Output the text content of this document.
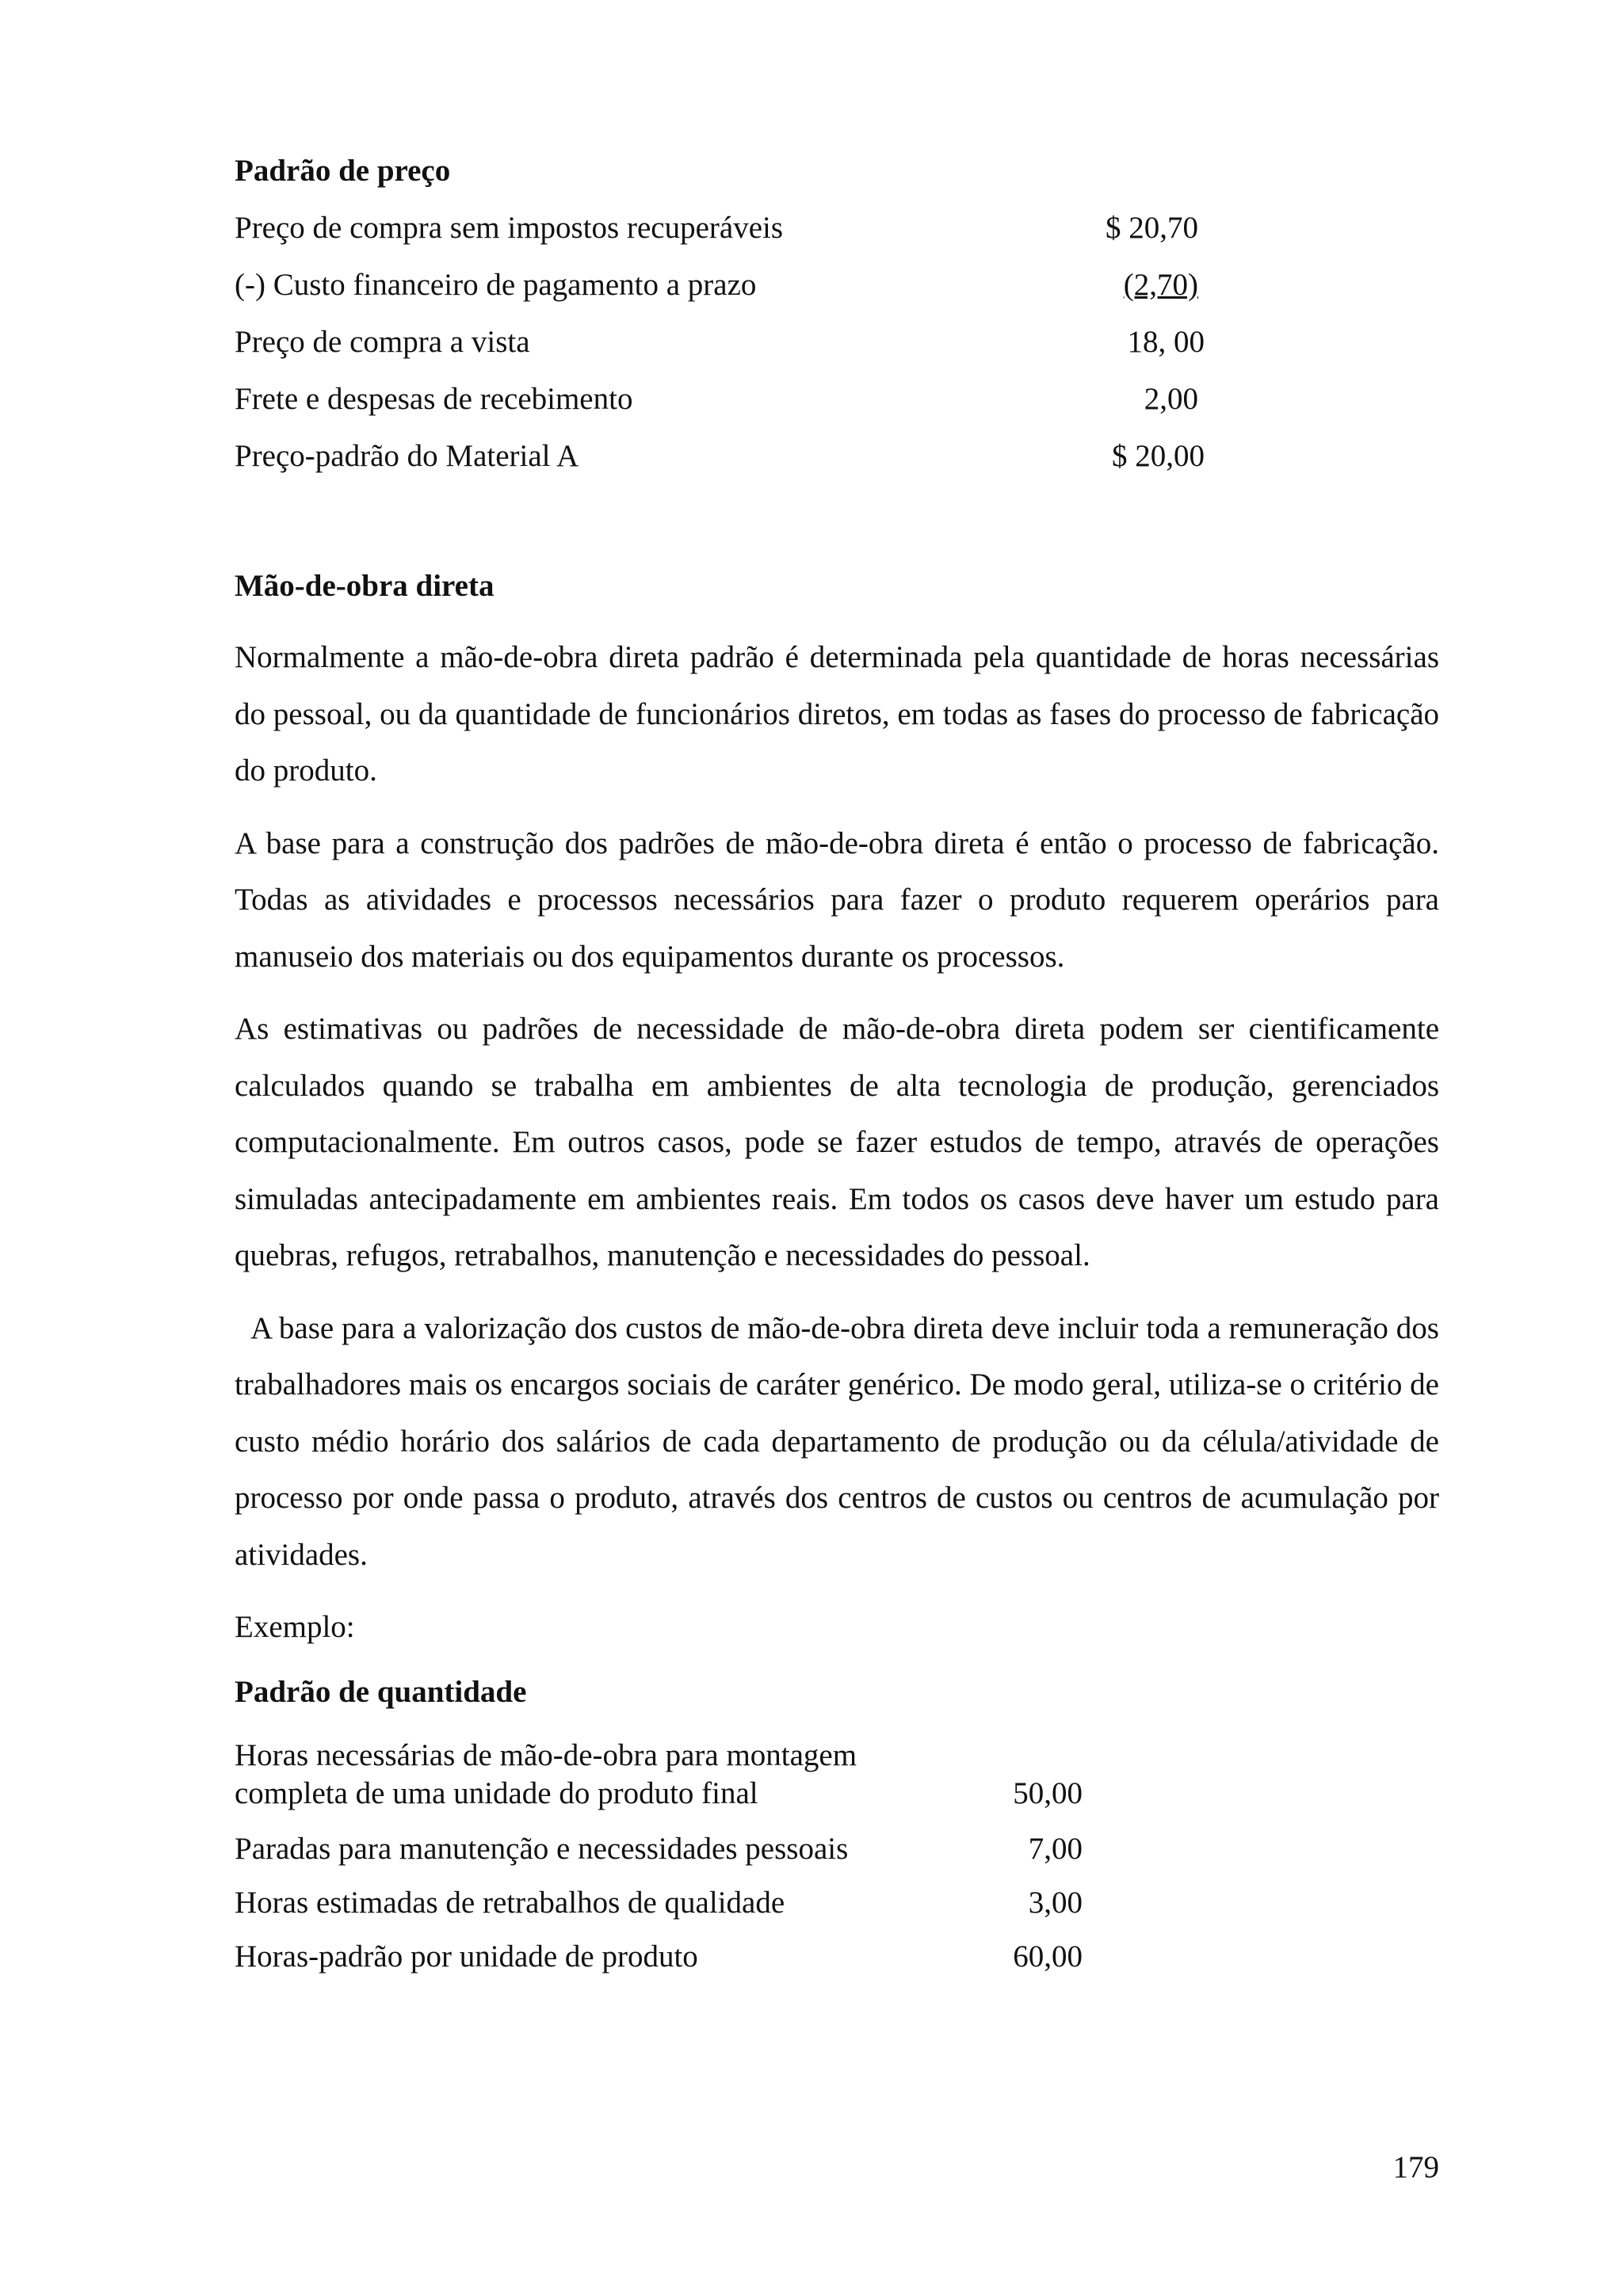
Padrão de preço
Preço de compra sem impostos recuperáveis	$ 20,70
(-) Custo financeiro de pagamento a prazo	(2,70)
Preço de compra a vista	18, 00
Frete e despesas de recebimento	2,00
Preço-padrão do Material A	$ 20,00
Mão-de-obra direta

Normalmente a mão-de-obra direta padrão é determinada pela quantidade de horas necessárias do pessoal, ou da quantidade de funcionários diretos, em todas as fases do processo de fabricação do produto.

A base para a construção dos padrões de mão-de-obra direta é então o processo de fabricação. Todas as atividades e processos necessários para fazer o produto requerem operários para manuseio dos materiais ou dos equipamentos durante os processos.

As estimativas ou padrões de necessidade de mão-de-obra direta podem ser cientificamente calculados quando se trabalha em ambientes de alta tecnologia de produção, gerenciados computacionalmente. Em outros casos, pode se fazer estudos de tempo, através de operações simuladas antecipadamente em ambientes reais. Em todos os casos deve haver um estudo para quebras, refugos, retrabalhos, manutenção e necessidades do pessoal.

A base para a valorização dos custos de mão-de-obra direta deve incluir toda a remuneração dos trabalhadores mais os encargos sociais de caráter genérico. De modo geral, utiliza-se o critério de custo médio horário dos salários de cada departamento de produção ou da célula/atividade de processo por onde passa o produto, através dos centros de custos ou centros de acumulação por atividades.

Exemplo:

Padrão de quantidade
Horas necessárias de mão-de-obra para montagem
completa de uma unidade do produto final	50,00
Paradas para manutenção e necessidades pessoais	7,00
Horas estimadas de retrabalhos de qualidade	3,00
Horas-padrão por unidade de produto	60,00
179
